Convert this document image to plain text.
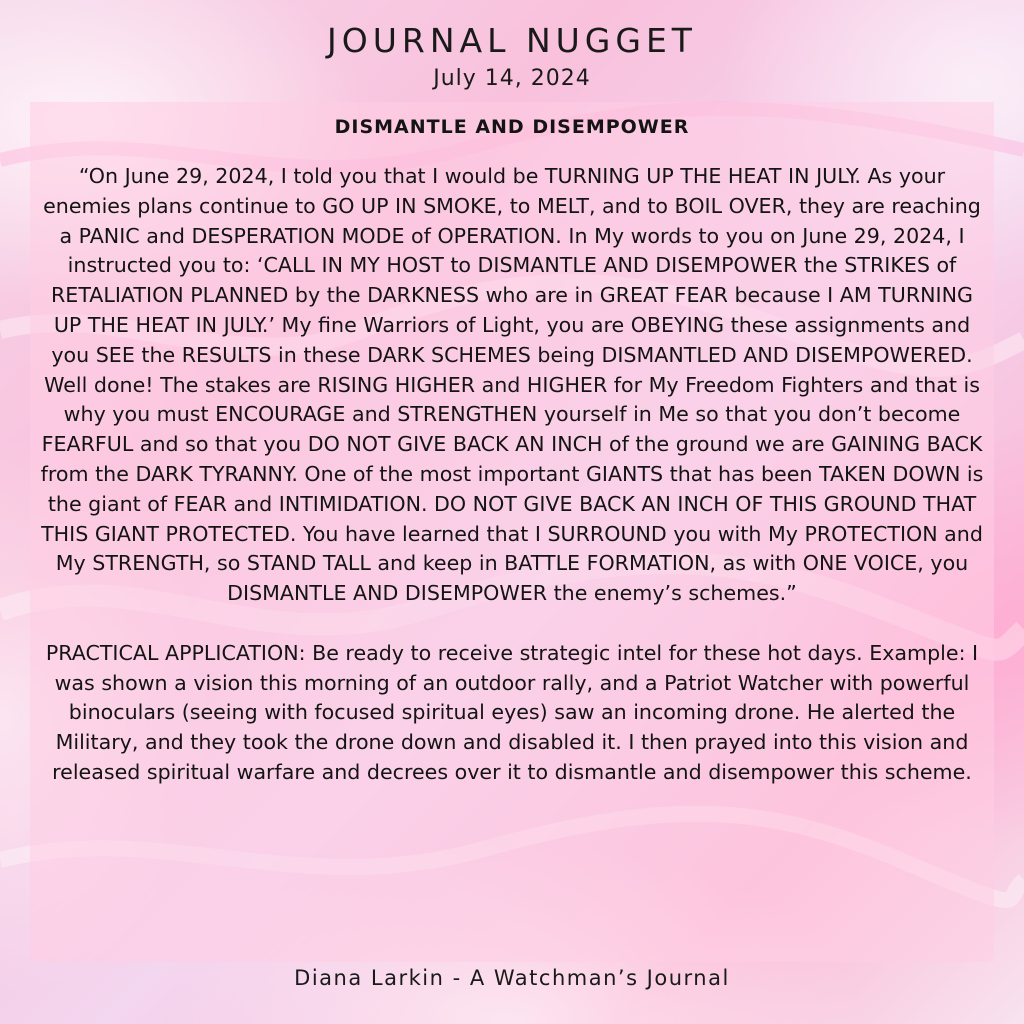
JOURNAL NUGGET
July 14, 2024
DISMANTLE AND DISEMPOWER

“On June 29, 2024, I told you that I would be TURNING UP THE HEAT IN JULY. As your enemies plans continue to GO UP IN SMOKE, to MELT, and to BOIL OVER, they are reaching a PANIC and DESPERATION MODE of OPERATION. In My words to you on June 29, 2024, I instructed you to: ‘CALL IN MY HOST to DISMANTLE AND DISEMPOWER the STRIKES of RETALIATION PLANNED by the DARKNESS who are in GREAT FEAR because I AM TURNING UP THE HEAT IN JULY.’ My fine Warriors of Light, you are OBEYING these assignments and you SEE the RESULTS in these DARK SCHEMES being DISMANTLED AND DISEMPOWERED. Well done! The stakes are RISING HIGHER and HIGHER for My Freedom Fighters and that is why you must ENCOURAGE and STRENGTHEN yourself in Me so that you don’t become FEARFUL and so that you DO NOT GIVE BACK AN INCH of the ground we are GAINING BACK from the DARK TYRANNY. One of the most important GIANTS that has been TAKEN DOWN is the giant of FEAR and INTIMIDATION. DO NOT GIVE BACK AN INCH OF THIS GROUND THAT THIS GIANT PROTECTED. You have learned that I SURROUND you with My PROTECTION and My STRENGTH, so STAND TALL and keep in BATTLE FORMATION, as with ONE VOICE, you DISMANTLE AND DISEMPOWER the enemy’s schemes.”

PRACTICAL APPLICATION: Be ready to receive strategic intel for these hot days. Example: I was shown a vision this morning of an outdoor rally, and a Patriot Watcher with powerful binoculars (seeing with focused spiritual eyes) saw an incoming drone. He alerted the Military, and they took the drone down and disabled it. I then prayed into this vision and released spiritual warfare and decrees over it to dismantle and disempower this scheme.

Diana Larkin - A Watchman’s Journal
